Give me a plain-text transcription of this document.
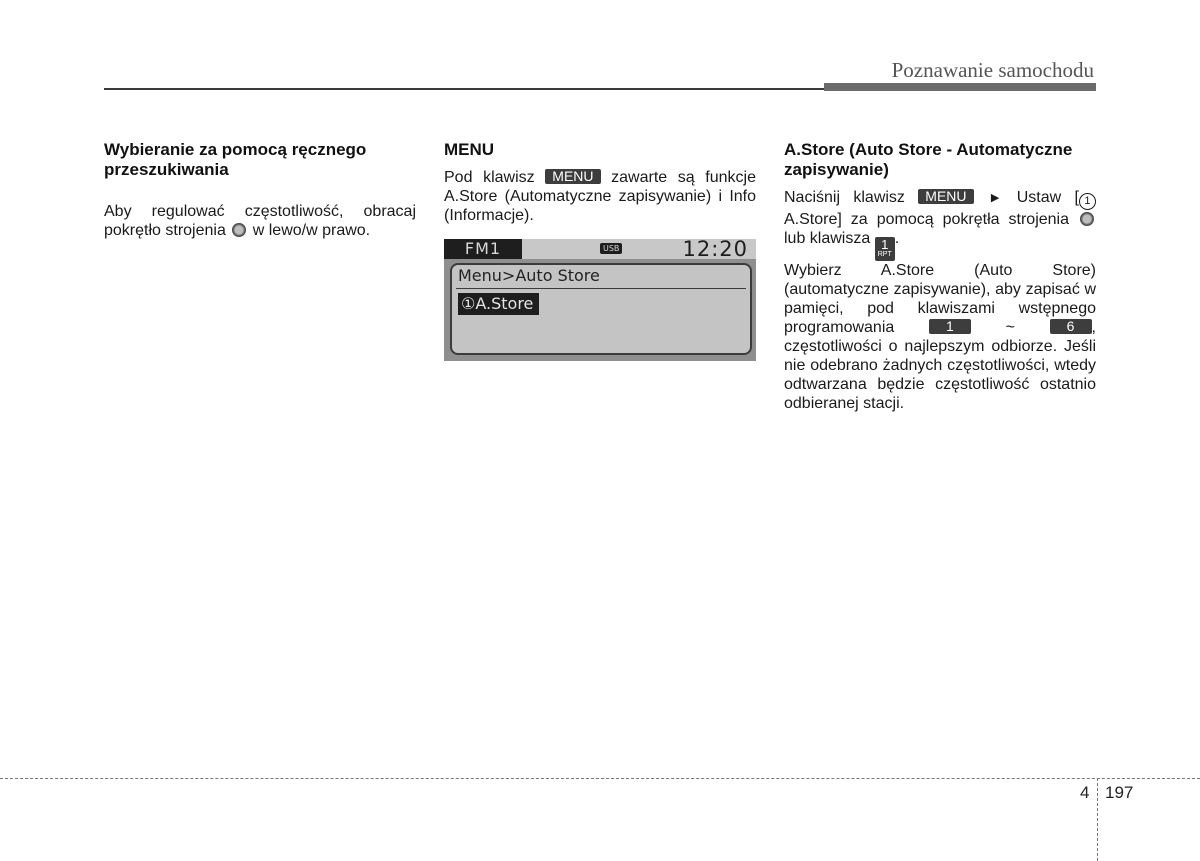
Poznawanie samochodu

Wybieranie za pomocą ręcznego przeszukiwania

Aby regulować częstotliwość, obracaj pokrętło strojenia w lewo/w prawo.

MENU

Pod klawisz MENU zawarte są funkcje A.Store (Automatyczne zapisywanie) i Info (Informacje).

FM1	USB	12:20
Menu>Auto Store
①A.Store

A.Store (Auto Store - Automatyczne zapisywanie)

Naciśnij klawisz MENU ▶ Ustaw [ 1 A.Store] za pomocą pokrętła strojenia  lub klawisza 1
RPT
.

Wybierz A.Store (Auto Store) (automatyczne zapisywanie), aby zapisać w pamięci, pod klawiszami wstępnego programowania	1	~	6 , częstotliwości o najlepszym odbiorze. Jeśli nie odebrano żadnych częstotliwości, wtedy odtwarzana będzie częstotliwość ostatnio odbieranej stacji.

4 197
